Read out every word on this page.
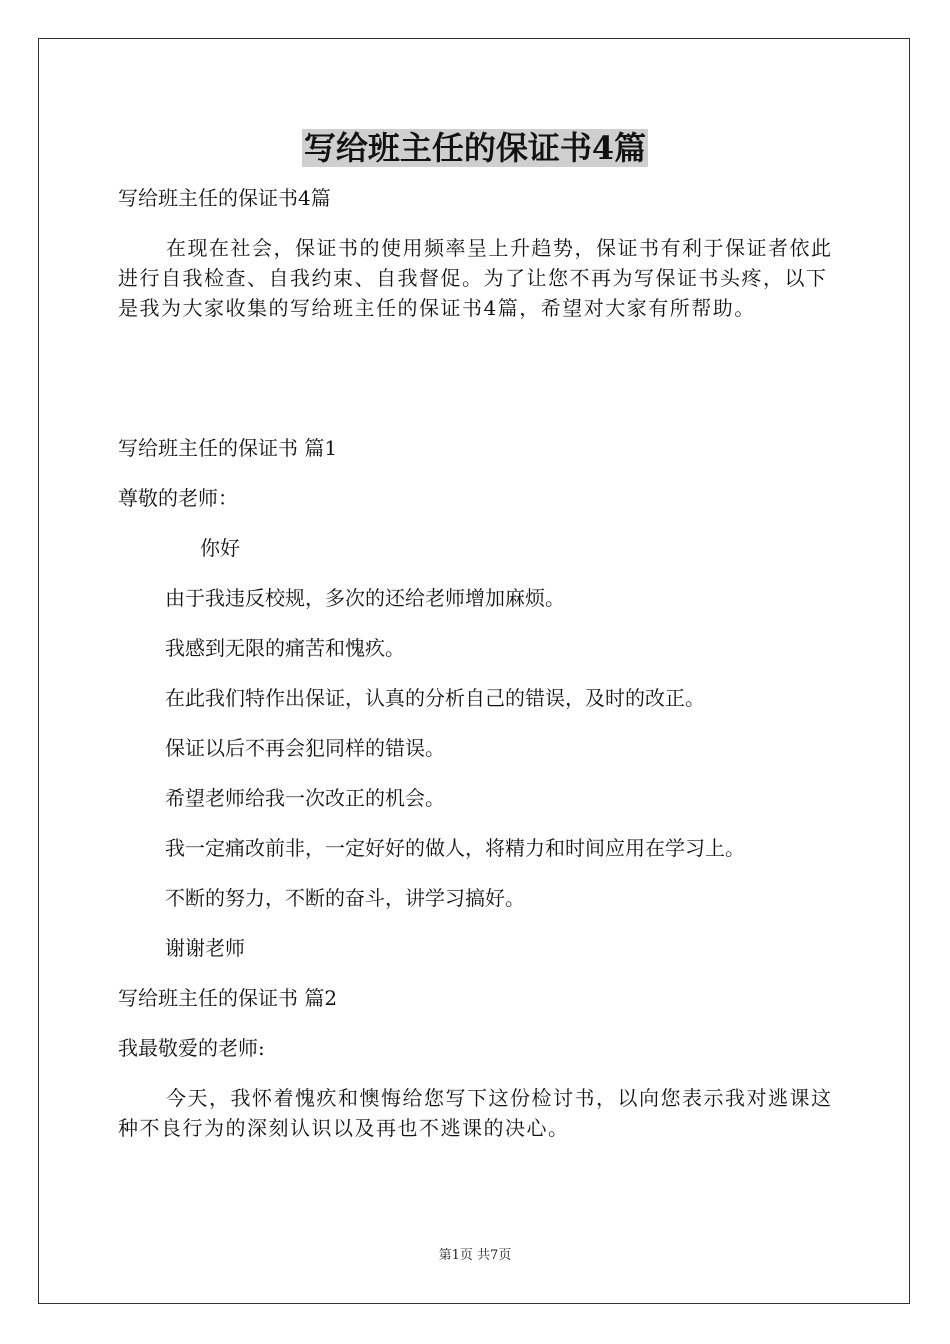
写给班主任的保证书4篇
写给班主任的保证书4篇
在现在社会，保证书的使用频率呈上升趋势，保证书有利于保证者依此进行自我检查、自我约束、自我督促。为了让您不再为写保证书头疼，以下是我为大家收集的写给班主任的保证书4篇，希望对大家有所帮助。
写给班主任的保证书 篇1
尊敬的老师：
你好
由于我违反校规，多次的还给老师增加麻烦。
我感到无限的痛苦和愧疚。
在此我们特作出保证，认真的分析自己的错误，及时的改正。
保证以后不再会犯同样的错误。
希望老师给我一次改正的机会。
我一定痛改前非，一定好好的做人，将精力和时间应用在学习上。
不断的努力，不断的奋斗，讲学习搞好。
谢谢老师
写给班主任的保证书 篇2
我最敬爱的老师:
今天，我怀着愧疚和懊悔给您写下这份检讨书，以向您表示我对逃课这种不良行为的深刻认识以及再也不逃课的决心。
第1页 共7页
